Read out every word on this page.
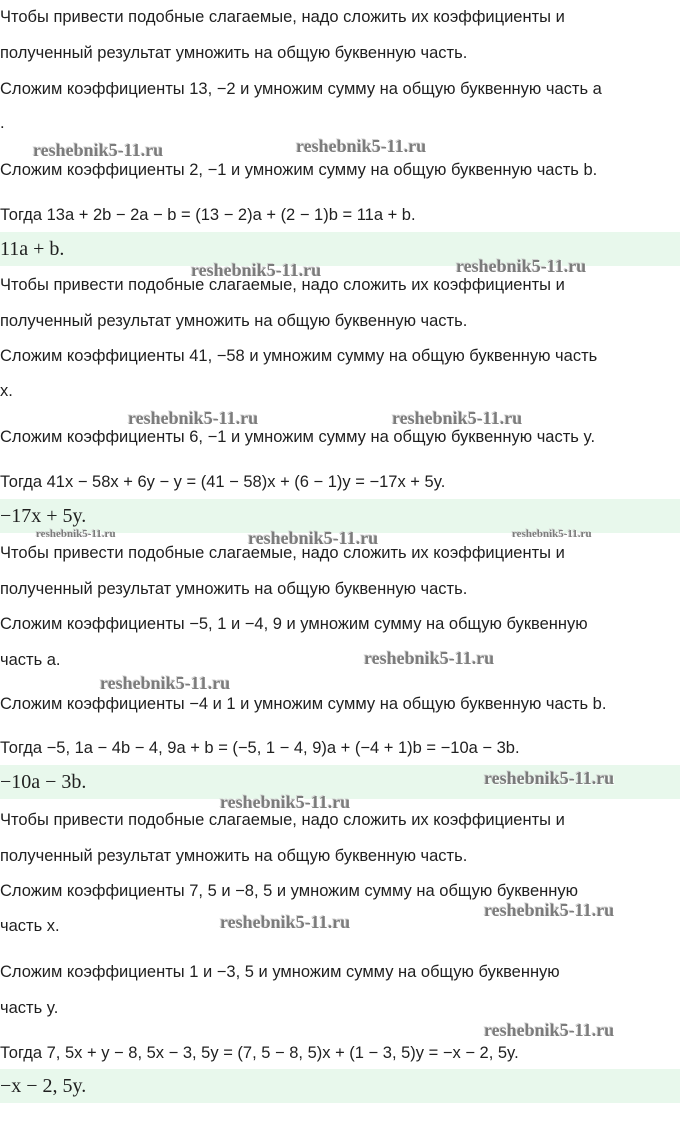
Чтобы привести подобные слагаемые, надо сложить их коэффициенты и
полученный результат умножить на общую буквенную часть.
Сложим коэффициенты 13, −2 и умножим сумму на общую буквенную часть a
.
Сложим коэффициенты 2, −1 и умножим сумму на общую буквенную часть b.
Тогда 13a + 2b − 2a − b = (13 − 2)a + (2 − 1)b = 11a + b.
11a + b.
Чтобы привести подобные слагаемые, надо сложить их коэффициенты и
полученный результат умножить на общую буквенную часть.
Сложим коэффициенты 41, −58 и умножим сумму на общую буквенную часть
x.
Сложим коэффициенты 6, −1 и умножим сумму на общую буквенную часть y.
Тогда 41x − 58x + 6y − y = (41 − 58)x + (6 − 1)y = −17x + 5y.
−17x + 5y.
Чтобы привести подобные слагаемые, надо сложить их коэффициенты и
полученный результат умножить на общую буквенную часть.
Сложим коэффициенты −5, 1 и −4, 9 и умножим сумму на общую буквенную
часть a.
Сложим коэффициенты −4 и 1 и умножим сумму на общую буквенную часть b.
Тогда −5, 1a − 4b − 4, 9a + b = (−5, 1 − 4, 9)a + (−4 + 1)b = −10a − 3b.
−10a − 3b.
Чтобы привести подобные слагаемые, надо сложить их коэффициенты и
полученный результат умножить на общую буквенную часть.
Сложим коэффициенты 7, 5 и −8, 5 и умножим сумму на общую буквенную
часть x.
Сложим коэффициенты 1 и −3, 5 и умножим сумму на общую буквенную
часть y.
Тогда 7, 5x + y − 8, 5x − 3, 5y = (7, 5 − 8, 5)x + (1 − 3, 5)y = −x − 2, 5y.
−x − 2, 5y.
reshebnik5-11.ru	reshebnik5-11.ru
reshebnik5-11.ru	reshebnik5-11.ru
reshebnik5-11.ru	reshebnik5-11.ru
reshebnik5-11.ru	reshebnik5-11.ru	reshebnik5-11.ru
reshebnik5-11.ru
reshebnik5-11.ru
reshebnik5-11.ru
reshebnik5-11.ru
reshebnik5-11.ru
reshebnik5-11.ru
reshebnik5-11.ru
